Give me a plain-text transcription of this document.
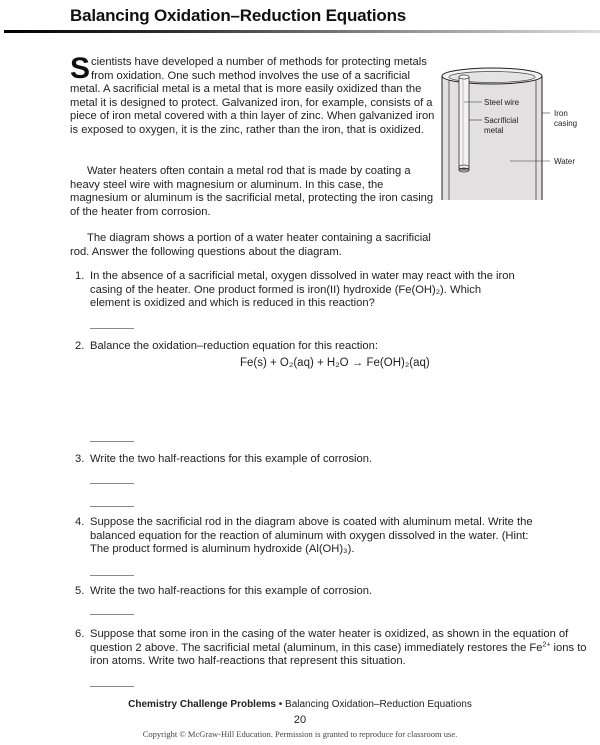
Balancing Oxidation–Reduction Equations
S cientists have developed a number of methods for protecting metals from oxidation. One such method involves the use of a sacrificial metal. A sacrificial metal is a metal that is more easily oxidized than the metal it is designed to protect. Galvanized iron, for example, consists of a piece of iron metal covered with a thin layer of zinc. When galvanized iron is exposed to oxygen, it is the zinc, rather than the iron, that is oxidized.
Steel wire
Sacrificial
metal
Iron
casing
Water
Water heaters often contain a metal rod that is made by coating a heavy steel wire with magnesium or aluminum. In this case, the magnesium or aluminum is the sacrificial metal, protecting the iron casing of the heater from corrosion.
The diagram shows a portion of a water heater containing a sacrificial rod. Answer the following questions about the diagram.
1. In the absence of a sacrificial metal, oxygen dissolved in water may react with the iron casing of the heater. One product formed is iron(II) hydroxide (Fe(OH)₂). Which element is oxidized and which is reduced in this reaction?
2. Balance the oxidation–reduction equation for this reaction:
Fe(s) + O₂(aq) + H₂O → Fe(OH)₂(aq)
3. Write the two half-reactions for this example of corrosion.
4. Suppose the sacrificial rod in the diagram above is coated with aluminum metal. Write the balanced equation for the reaction of aluminum with oxygen dissolved in the water. (Hint: The product formed is aluminum hydroxide (Al(OH)₃).
5. Write the two half-reactions for this example of corrosion.
6. Suppose that some iron in the casing of the water heater is oxidized, as shown in the equation of question 2 above. The sacrificial metal (aluminum, in this case) immediately restores the $Fe^{2+}$ ions to iron atoms. Write two half-reactions that represent this situation.
Chemistry Challenge Problems • Balancing Oxidation–Reduction Equations
20
Copyright © McGraw-Hill Education. Permission is granted to reproduce for classroom use.
